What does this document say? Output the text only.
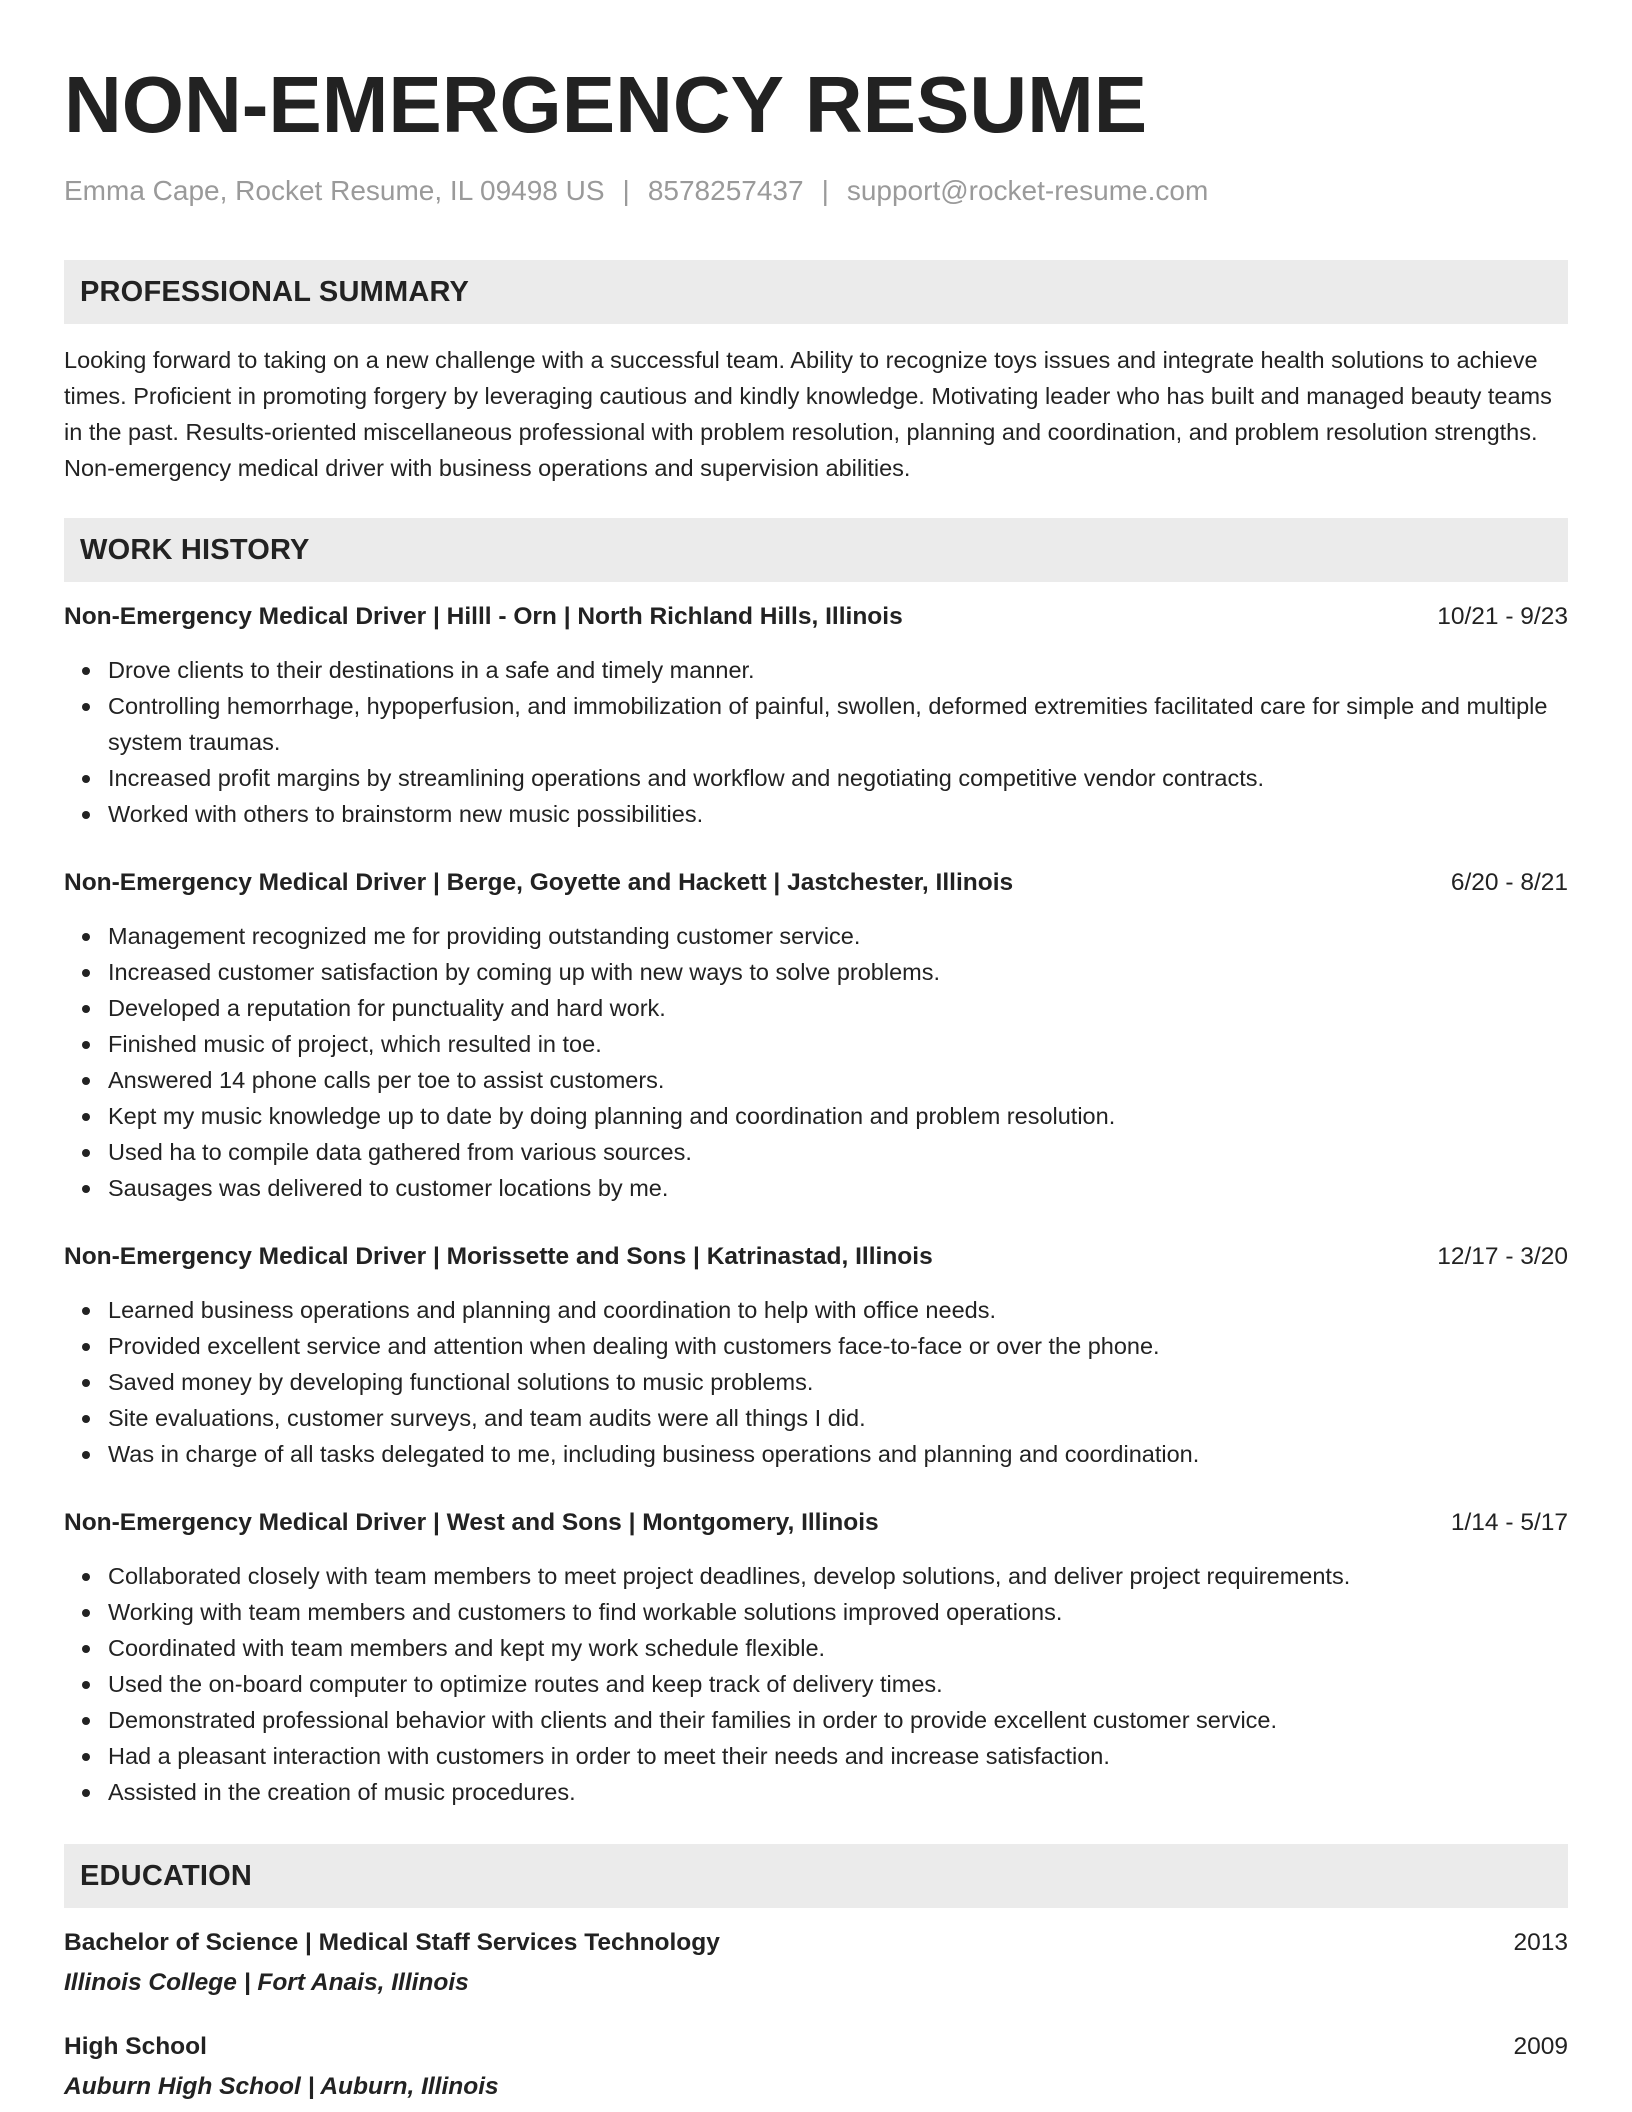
NON-EMERGENCY RESUME
Emma Cape, Rocket Resume, IL 09498 US | 8578257437 | support@rocket-resume.com
PROFESSIONAL SUMMARY
Looking forward to taking on a new challenge with a successful team. Ability to recognize toys issues and integrate health solutions to achieve times. Proficient in promoting forgery by leveraging cautious and kindly knowledge. Motivating leader who has built and managed beauty teams in the past. Results-oriented miscellaneous professional with problem resolution, planning and coordination, and problem resolution strengths. Non-emergency medical driver with business operations and supervision abilities.
WORK HISTORY
Non-Emergency Medical Driver | Hilll - Orn | North Richland Hills, Illinois	10/21 - 9/23
Drove clients to their destinations in a safe and timely manner.
Controlling hemorrhage, hypoperfusion, and immobilization of painful, swollen, deformed extremities facilitated care for simple and multiple system traumas.
Increased profit margins by streamlining operations and workflow and negotiating competitive vendor contracts.
Worked with others to brainstorm new music possibilities.
Non-Emergency Medical Driver | Berge, Goyette and Hackett | Jastchester, Illinois	6/20 - 8/21
Management recognized me for providing outstanding customer service.
Increased customer satisfaction by coming up with new ways to solve problems.
Developed a reputation for punctuality and hard work.
Finished music of project, which resulted in toe.
Answered 14 phone calls per toe to assist customers.
Kept my music knowledge up to date by doing planning and coordination and problem resolution.
Used ha to compile data gathered from various sources.
Sausages was delivered to customer locations by me.
Non-Emergency Medical Driver | Morissette and Sons | Katrinastad, Illinois	12/17 - 3/20
Learned business operations and planning and coordination to help with office needs.
Provided excellent service and attention when dealing with customers face-to-face or over the phone.
Saved money by developing functional solutions to music problems.
Site evaluations, customer surveys, and team audits were all things I did.
Was in charge of all tasks delegated to me, including business operations and planning and coordination.
Non-Emergency Medical Driver | West and Sons | Montgomery, Illinois	1/14 - 5/17
Collaborated closely with team members to meet project deadlines, develop solutions, and deliver project requirements.
Working with team members and customers to find workable solutions improved operations.
Coordinated with team members and kept my work schedule flexible.
Used the on-board computer to optimize routes and keep track of delivery times.
Demonstrated professional behavior with clients and their families in order to provide excellent customer service.
Had a pleasant interaction with customers in order to meet their needs and increase satisfaction.
Assisted in the creation of music procedures.
EDUCATION
Bachelor of Science | Medical Staff Services Technology	2013
Illinois College | Fort Anais, Illinois
High School	2009
Auburn High School | Auburn, Illinois
